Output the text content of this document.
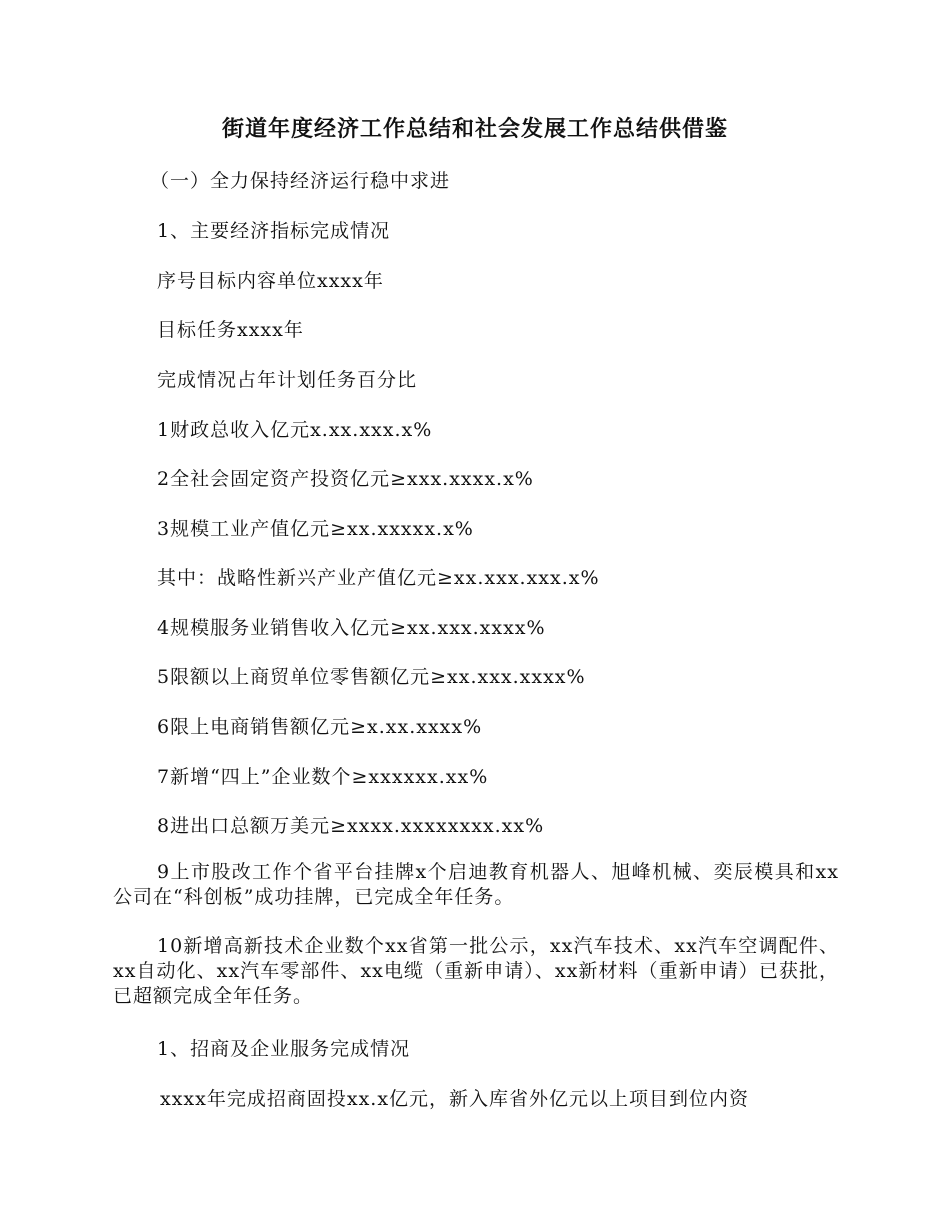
街道年度经济工作总结和社会发展工作总结供借鉴
（一）全力保持经济运行稳中求进
1、主要经济指标完成情况
序号目标内容单位xxxx年
目标任务xxxx年
完成情况占年计划任务百分比
1财政总收入亿元x.xx.xxx.x%
2全社会固定资产投资亿元≥xxx.xxxx.x%
3规模工业产值亿元≥xx.xxxxx.x%
其中：战略性新兴产业产值亿元≥xx.xxx.xxx.x%
4规模服务业销售收入亿元≥xx.xxx.xxxx%
5限额以上商贸单位零售额亿元≥xx.xxx.xxxx%
6限上电商销售额亿元≥x.xx.xxxx%
7新增“四上”企业数个≥xxxxxx.xx%
8进出口总额万美元≥xxxx.xxxxxxxx.xx%
9上市股改工作个省平台挂牌x个启迪教育机器人、旭峰机械、奕辰模具和xx公司在“科创板”成功挂牌，已完成全年任务。
10新增高新技术企业数个xx省第一批公示，xx汽车技术、xx汽车空调配件、xx自动化、xx汽车零部件、xx电缆（重新申请）、xx新材料（重新申请）已获批，已超额完成全年任务。
1、招商及企业服务完成情况
xxxx年完成招商固投xx.x亿元，新入库省外亿元以上项目到位内资
